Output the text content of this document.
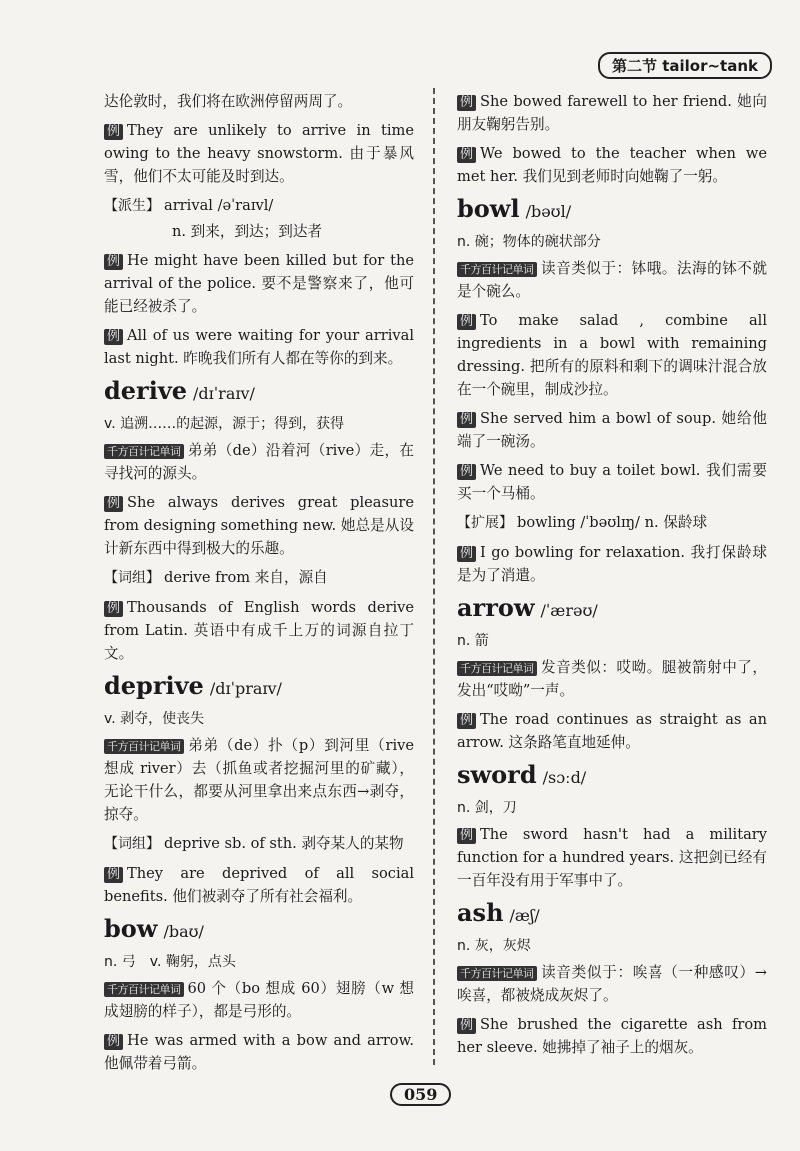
第二节 tailor~tank

达伦敦时，我们将在欧洲停留两周了。

例 They are unlikely to arrive in time owing to the heavy snowstorm. 由于暴风雪，他们不太可能及时到达。

【派生】 arrival /əˈraɪvl/

n. 到来，到达；到达者

例 He might have been killed but for the arrival of the police. 要不是警察来了，他可能已经被杀了。

例 All of us were waiting for your arrival last night. 昨晚我们所有人都在等你的到来。

derive /dɪˈraɪv/

v. 追溯……的起源，源于；得到，获得

千方百计记单词 弟弟（de）沿着河（rive）走，在寻找河的源头。

例 She always derives great pleasure from designing something new. 她总是从设计新东西中得到极大的乐趣。

【词组】 derive from 来自，源自

例 Thousands of English words derive from Latin. 英语中有成千上万的词源自拉丁文。

deprive /dɪˈpraɪv/

v. 剥夺，使丧失

千方百计记单词 弟弟（de）扑（p）到河里（rive 想成 river）去（抓鱼或者挖掘河里的矿藏），无论干什么，都要从河里拿出来点东西→剥夺，掠夺。

【词组】 deprive sb. of sth. 剥夺某人的某物

例 They are deprived of all social benefits. 他们被剥夺了所有社会福利。

bow /baʊ/

n. 弓　v. 鞠躬，点头

千方百计记单词 60 个（bo 想成 60）翅膀（w 想成翅膀的样子），都是弓形的。

例 He was armed with a bow and arrow. 他佩带着弓箭。

例 She bowed farewell to her friend. 她向朋友鞠躬告别。

例 We bowed to the teacher when we met her. 我们见到老师时向她鞠了一躬。

bowl /bəʊl/

n. 碗；物体的碗状部分

千方百计记单词 读音类似于：钵哦。法海的钵不就是个碗么。

例 To make salad , combine all ingredients in a bowl with remaining dressing. 把所有的原料和剩下的调味汁混合放在一个碗里，制成沙拉。

例 She served him a bowl of soup. 她给他端了一碗汤。

例 We need to buy a toilet bowl. 我们需要买一个马桶。

【扩展】 bowling /ˈbəʊlɪŋ/ n. 保龄球

例 I go bowling for relaxation. 我打保龄球是为了消遣。

arrow /ˈærəʊ/

n. 箭

千方百计记单词 发音类似：哎呦。腿被箭射中了，发出“哎呦”一声。

例 The road continues as straight as an arrow. 这条路笔直地延伸。

sword /sɔːd/

n. 剑，刀

例 The sword hasn't had a military function for a hundred years. 这把剑已经有一百年没有用于军事中了。

ash /æʃ/

n. 灰，灰烬

千方百计记单词 读音类似于：唉喜（一种感叹）→唉喜，都被烧成灰烬了。

例 She brushed the cigarette ash from her sleeve. 她拂掉了袖子上的烟灰。

059
